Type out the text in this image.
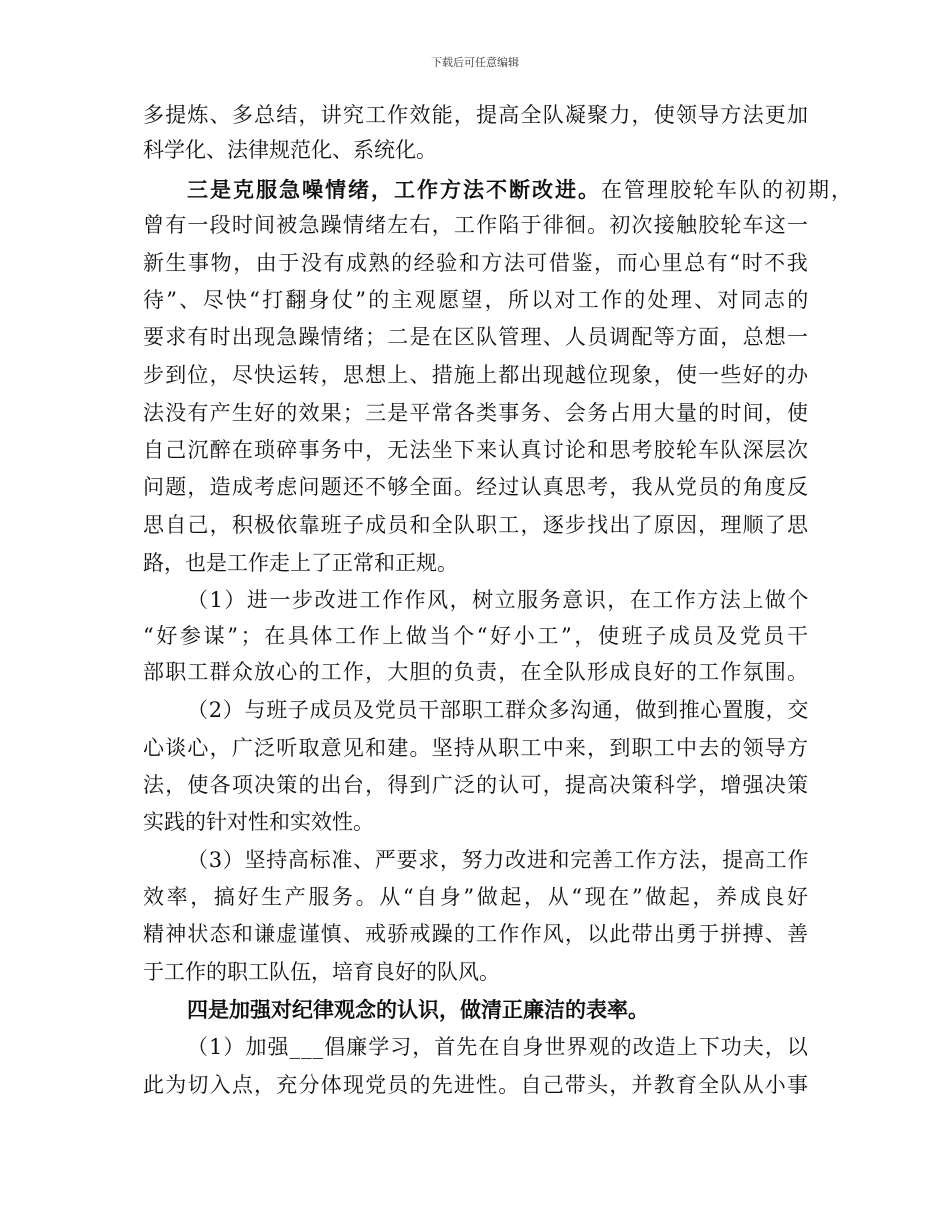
下载后可任意编辑
多提炼、多总结，讲究工作效能，提高全队凝聚力，使领导方法更加
科学化、法律规范化、系统化。
三是克服急噪情绪，工作方法不断改进。在管理胶轮车队的初期，
曾有一段时间被急躁情绪左右，工作陷于徘徊。初次接触胶轮车这一
新生事物，由于没有成熟的经验和方法可借鉴，而心里总有“时不我
待”、尽快“打翻身仗”的主观愿望，所以对工作的处理、对同志的
要求有时出现急躁情绪；二是在区队管理、人员调配等方面，总想一
步到位，尽快运转，思想上、措施上都出现越位现象，使一些好的办
法没有产生好的效果；三是平常各类事务、会务占用大量的时间，使
自己沉醉在琐碎事务中，无法坐下来认真讨论和思考胶轮车队深层次
问题，造成考虑问题还不够全面。经过认真思考，我从党员的角度反
思自己，积极依靠班子成员和全队职工，逐步找出了原因，理顺了思
路，也是工作走上了正常和正规。
（1）进一步改进工作作风，树立服务意识，在工作方法上做个
“好参谋”；在具体工作上做当个“好小工”，使班子成员及党员干
部职工群众放心的工作，大胆的负责，在全队形成良好的工作氛围。
（2）与班子成员及党员干部职工群众多沟通，做到推心置腹，交
心谈心，广泛听取意见和建。坚持从职工中来，到职工中去的领导方
法，使各项决策的出台，得到广泛的认可，提高决策科学，增强决策
实践的针对性和实效性。
（3）坚持高标准、严要求，努力改进和完善工作方法，提高工作
效率，搞好生产服务。从“自身”做起，从“现在”做起，养成良好
精神状态和谦虚谨慎、戒骄戒躁的工作作风，以此带出勇于拼搏、善
于工作的职工队伍，培育良好的队风。
四是加强对纪律观念的认识，做清正廉洁的表率。
（1）加强___倡廉学习，首先在自身世界观的改造上下功夫，以
此为切入点，充分体现党员的先进性。自己带头，并教育全队从小事
